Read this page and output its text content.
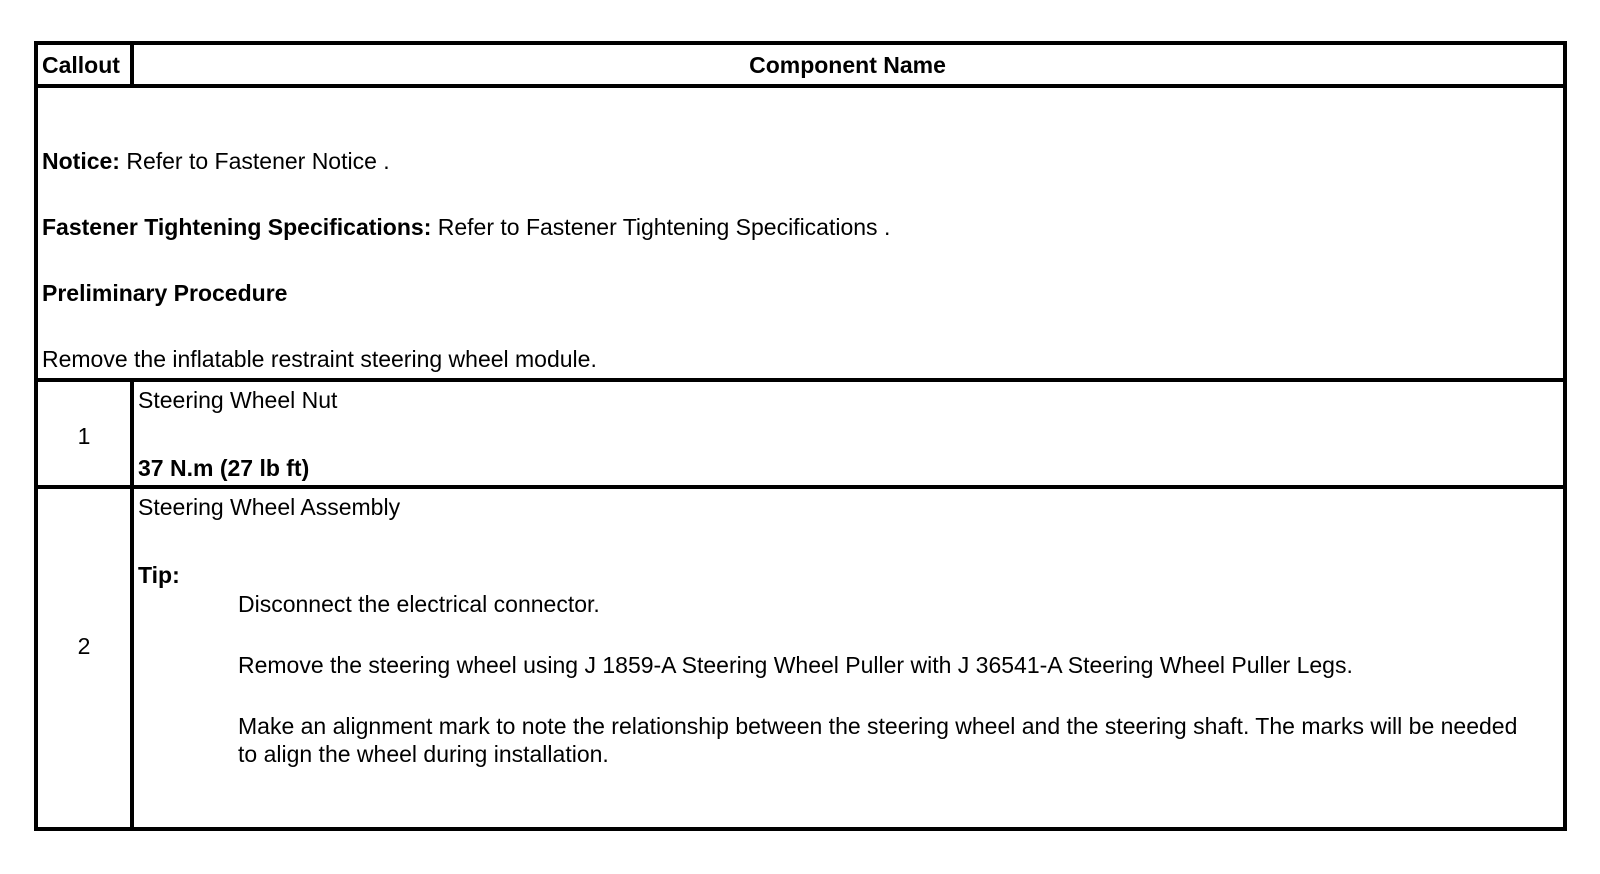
Callout	Component Name
Notice: Refer to Fastener Notice .
Fastener Tightening Specifications: Refer to Fastener Tightening Specifications .
Preliminary Procedure
Remove the inflatable restraint steering wheel module.
1
Steering Wheel Nut
37 N.m (27 lb ft)
2
Steering Wheel Assembly
Tip:
Disconnect the electrical connector.
Remove the steering wheel using J 1859-A Steering Wheel Puller with J 36541-A Steering Wheel Puller Legs.
Make an alignment mark to note the relationship between the steering wheel and the steering shaft. The marks will be needed to align the wheel during installation.
